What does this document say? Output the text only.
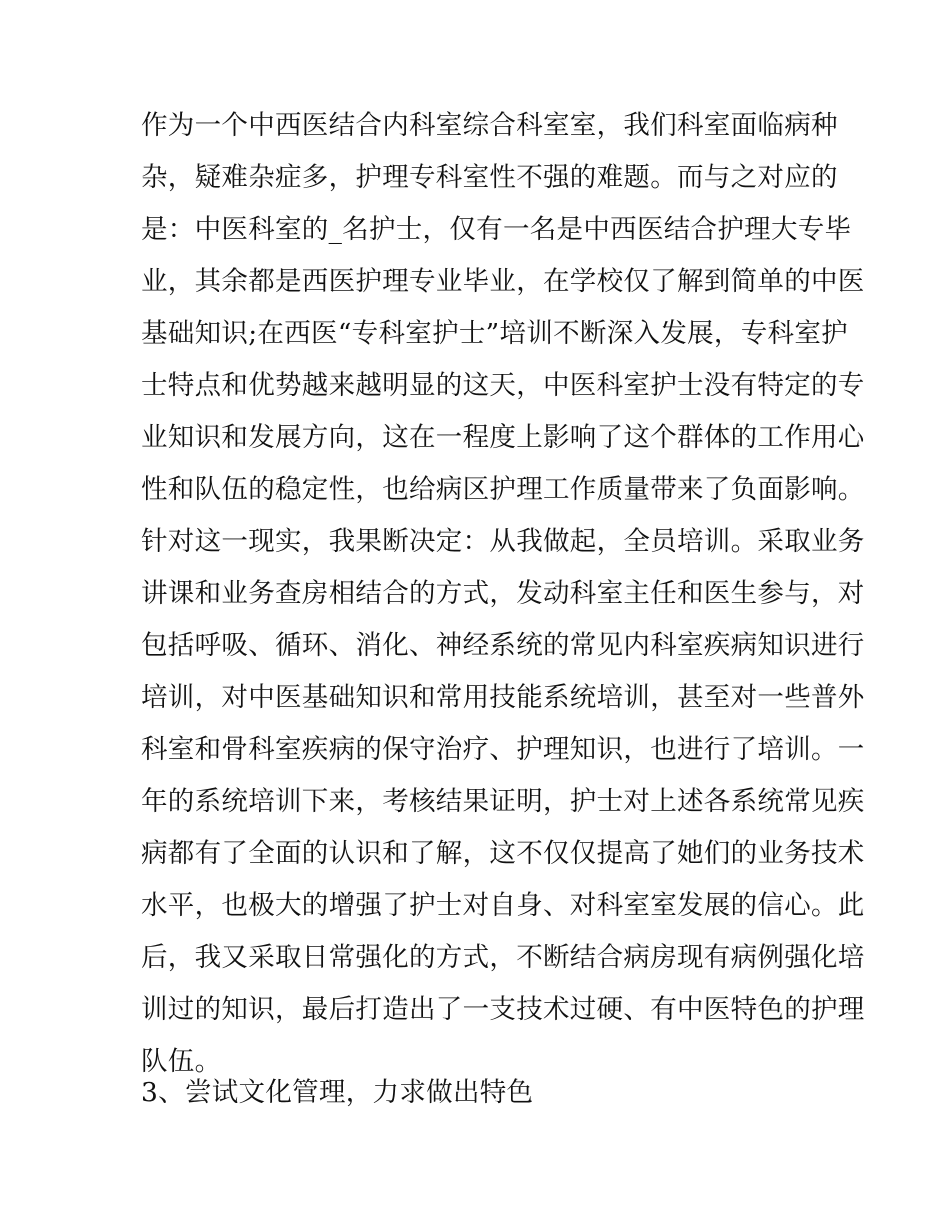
作为一个中西医结合内科室综合科室室，我们科室面临病种
杂，疑难杂症多，护理专科室性不强的难题。而与之对应的
是：中医科室的_名护士，仅有一名是中西医结合护理大专毕
业，其余都是西医护理专业毕业，在学校仅了解到简单的中医
基础知识;在西医“专科室护士”培训不断深入发展，专科室护
士特点和优势越来越明显的这天，中医科室护士没有特定的专
业知识和发展方向，这在一程度上影响了这个群体的工作用心
性和队伍的稳定性，也给病区护理工作质量带来了负面影响。
针对这一现实，我果断决定：从我做起，全员培训。采取业务
讲课和业务查房相结合的方式，发动科室主任和医生参与，对
包括呼吸、循环、消化、神经系统的常见内科室疾病知识进行
培训，对中医基础知识和常用技能系统培训，甚至对一些普外
科室和骨科室疾病的保守治疗、护理知识，也进行了培训。一
年的系统培训下来，考核结果证明，护士对上述各系统常见疾
病都有了全面的认识和了解，这不仅仅提高了她们的业务技术
水平，也极大的增强了护士对自身、对科室室发展的信心。此
后，我又采取日常强化的方式，不断结合病房现有病例强化培
训过的知识，最后打造出了一支技术过硬、有中医特色的护理
队伍。
3、尝试文化管理，力求做出特色
